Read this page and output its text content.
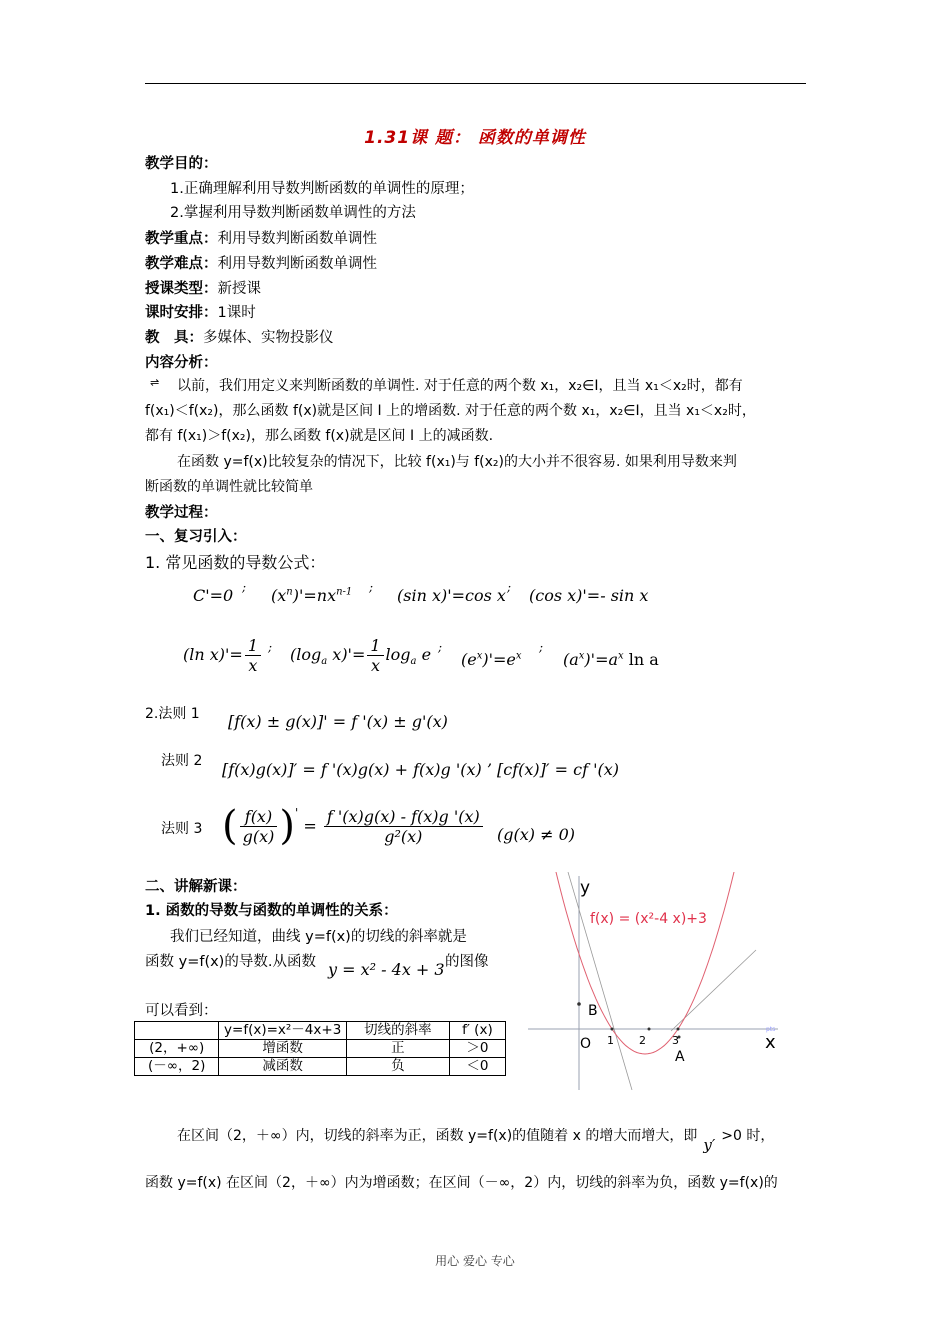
1.31课 题： 函数的单调性
教学目的：
1.正确理解利用导数判断函数的单调性的原理；
2.掌握利用导数判断函数单调性的方法
教学重点：利用导数判断函数单调性
教学难点：利用导数判断函数单调性
授课类型：新授课
课时安排：1课时
教　具：多媒体、实物投影仪
内容分析：
⇌ 以前，我们用定义来判断函数的单调性. 对于任意的两个数 x₁，x₂∈I，且当 x₁＜x₂时，都有
f(x₁)＜f(x₂)，那么函数 f(x)就是区间 I 上的增函数. 对于任意的两个数 x₁，x₂∈I，且当 x₁＜x₂时，
都有 f(x₁)＞f(x₂)，那么函数 f(x)就是区间 I 上的减函数.
在函数 y=f(x)比较复杂的情况下，比较 f(x₁)与 f(x₂)的大小并不很容易. 如果利用导数来判
断函数的单调性就比较简单
教学过程：
一、复习引入：
1. 常见函数的导数公式：
C'=0 ; $(x^n)'=nx^{n-1}$ ; (sin x)'=cos x ; (cos x)'=- sin x
(ln $x)'= \frac{1}{x}$ ; ($\log_a$ $x)'= \frac{1}{x} \log_a e$ ;
$(e^x)'=e^x$
;
$(a^x)'=a^x$ ln a
2.法则 1 [f(x) ± g(x)]' = f '(x) ± g'(x)
法则 2 [f(x)g(x)]′ = f '(x)g(x) + f(x)g '(x) ’ [cf(x)]′ = cf '(x)
法则 3 ( $\frac{f(x)}{g(x)} )' = \frac{f '(x)g(x) - f(x)g '(x)}{\text{g²(x)}} (g(x) \ne 0)$
二、讲解新课：
1. 函数的导数与函数的单调性的关系：
我们已经知道，曲线 y=f(x)的切线的斜率就是
函数 y=f(x)的导数.从函数 y = x² - 4x + 3 的图像
可以看到：
	y=f(x)=x²－4x+3	切线的斜率	f′ (x)
(2，+∞)	增函数	正	＞0
(－∞，2)	减函数	负	＜0
pts
y
x
B
O
A
1 2 3
f(x) = (x²-4 x)+3
在区间（2，＋∞）内，切线的斜率为正，函数 y=f(x)的值随着 x 的增大而增大，即 y′ >0 时，
函数 y=f(x) 在区间（2，＋∞）内为增函数；在区间（－∞，2）内，切线的斜率为负，函数 y=f(x)的
用心 爱心 专心
